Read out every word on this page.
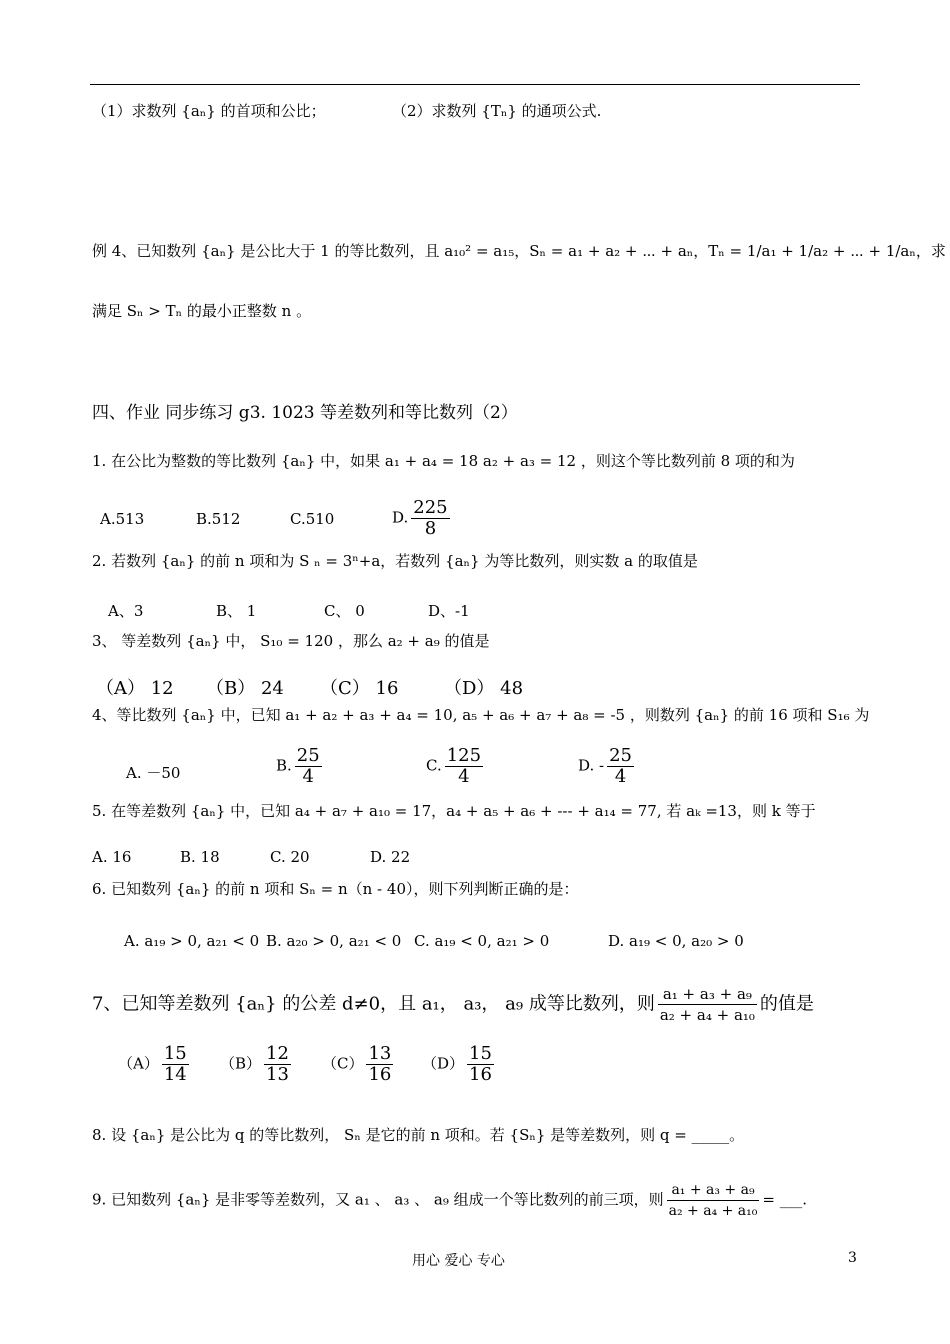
（1）求数列 {aₙ} 的首项和公比；	（2）求数列 {Tₙ} 的通项公式.
例 4、已知数列 {aₙ} 是公比大于 1 的等比数列，且 a₁₀² = a₁₅，Sₙ = a₁ + a₂ + ⋯ + aₙ，Tₙ = 1/a₁ + 1/a₂ + ⋯ + 1/aₙ，求
满足 Sₙ > Tₙ 的最小正整数 n 。
四、作业 同步练习 g3. 1023 等差数列和等比数列（2）
1. 在公比为整数的等比数列 {aₙ} 中，如果 a₁ + a₄ = 18 a₂ + a₃ = 12 ，则这个等比数列前 8 项的和为
A.513	B.512	C.510	D. $\frac{225}{8}$
2. 若数列 {aₙ} 的前 n 项和为 S ₙ = 3ⁿ+a，若数列 {aₙ} 为等比数列，则实数 a 的取值是
A、3	B、 1	C、 0	D、-1
3、 等差数列 {aₙ} 中， S₁₀ = 120 ，那么 a₂ + a₉ 的值是
（A） 12 （B） 24 （C） 16	（D） 48
4、等比数列 {aₙ} 中，已知 a₁ + a₂ + a₃ + a₄ = 10, a₅ + a₆ + a₇ + a₈ = -5 ，则数列 {aₙ} 的前 16 项和 S₁₆ 为
A. －50	B. $\frac{25}{4}$	C. $\frac{125}{4}$	D. - $\frac{25}{4}$
5. 在等差数列 {aₙ} 中，已知 a₄ + a₇ + a₁₀ = 17，a₄ + a₅ + a₆ + --- + a₁₄ = 77, 若 aₖ =13，则 k 等于
A. 16	B. 18	C. 20	D. 22
6. 已知数列 {aₙ} 的前 n 项和 Sₙ = n（n - 40），则下列判断正确的是：
A. a₁₉ > 0, a₂₁ < 0 B. a₂₀ > 0, a₂₁ < 0 C. a₁₉ < 0, a₂₁ > 0	D. a₁₉ < 0, a₂₀ > 0
7、已知等差数列 {aₙ} 的公差 d≠0，且 a₁， a₃， a₉ 成等比数列，则 $\frac{\text{a₁ + a₃ + a₉}}{\text{a₂ + a₄ + a₁₀}}$ 的值是
$(A) \frac{15}{14} (B) \frac{12}{13} (C) \frac{13}{16} (D) \frac{15}{16}$
8. 设 {aₙ} 是公比为 q 的等比数列， Sₙ 是它的前 n 项和。若 {Sₙ} 是等差数列，则 q = _____。
9. 已知数列 {aₙ} 是非零等差数列，又 a₁ 、 a₃ 、 a₉ 组成一个等比数列的前三项，则 $\frac{\text{a₁ + a₃ + a₉}}{\text{a₂ + a₄ + a₁₀}}$ = ___.
用心 爱心 专心	3
